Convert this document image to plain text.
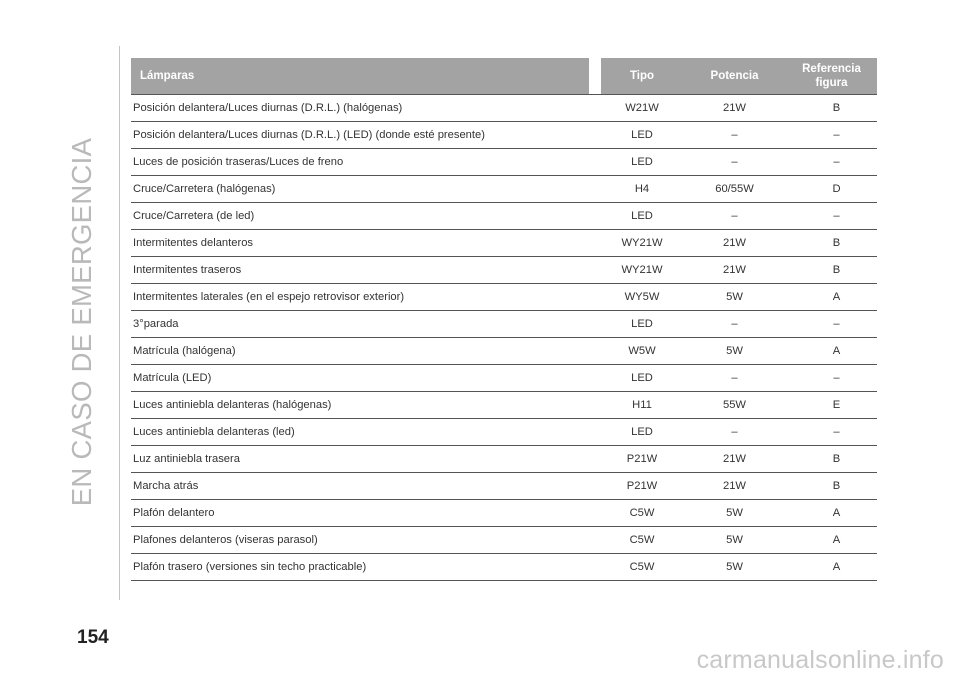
EN CASO DE EMERGENCIA
Lámparas		Tipo	Potencia	Referencia figura
Posición delantera/Luces diurnas (D.R.L.) (halógenas)		W21W	21W	B
Posición delantera/Luces diurnas (D.R.L.) (LED) (donde esté presente)		LED	–	–
Luces de posición traseras/Luces de freno		LED	–	–
Cruce/Carretera (halógenas)		H4	60/55W	D
Cruce/Carretera (de led)		LED	–	–
Intermitentes delanteros		WY21W	21W	B
Intermitentes traseros		WY21W	21W	B
Intermitentes laterales (en el espejo retrovisor exterior)		WY5W	5W	A
3°parada		LED	–	–
Matrícula (halógena)		W5W	5W	A
Matrícula (LED)		LED	–	–
Luces antiniebla delanteras (halógenas)		H11	55W	E
Luces antiniebla delanteras (led)		LED	–	–
Luz antiniebla trasera		P21W	21W	B
Marcha atrás		P21W	21W	B
Plafón delantero		C5W	5W	A
Plafones delanteros (viseras parasol)		C5W	5W	A
Plafón trasero (versiones sin techo practicable)		C5W	5W	A
154
carmanualsonline.info
